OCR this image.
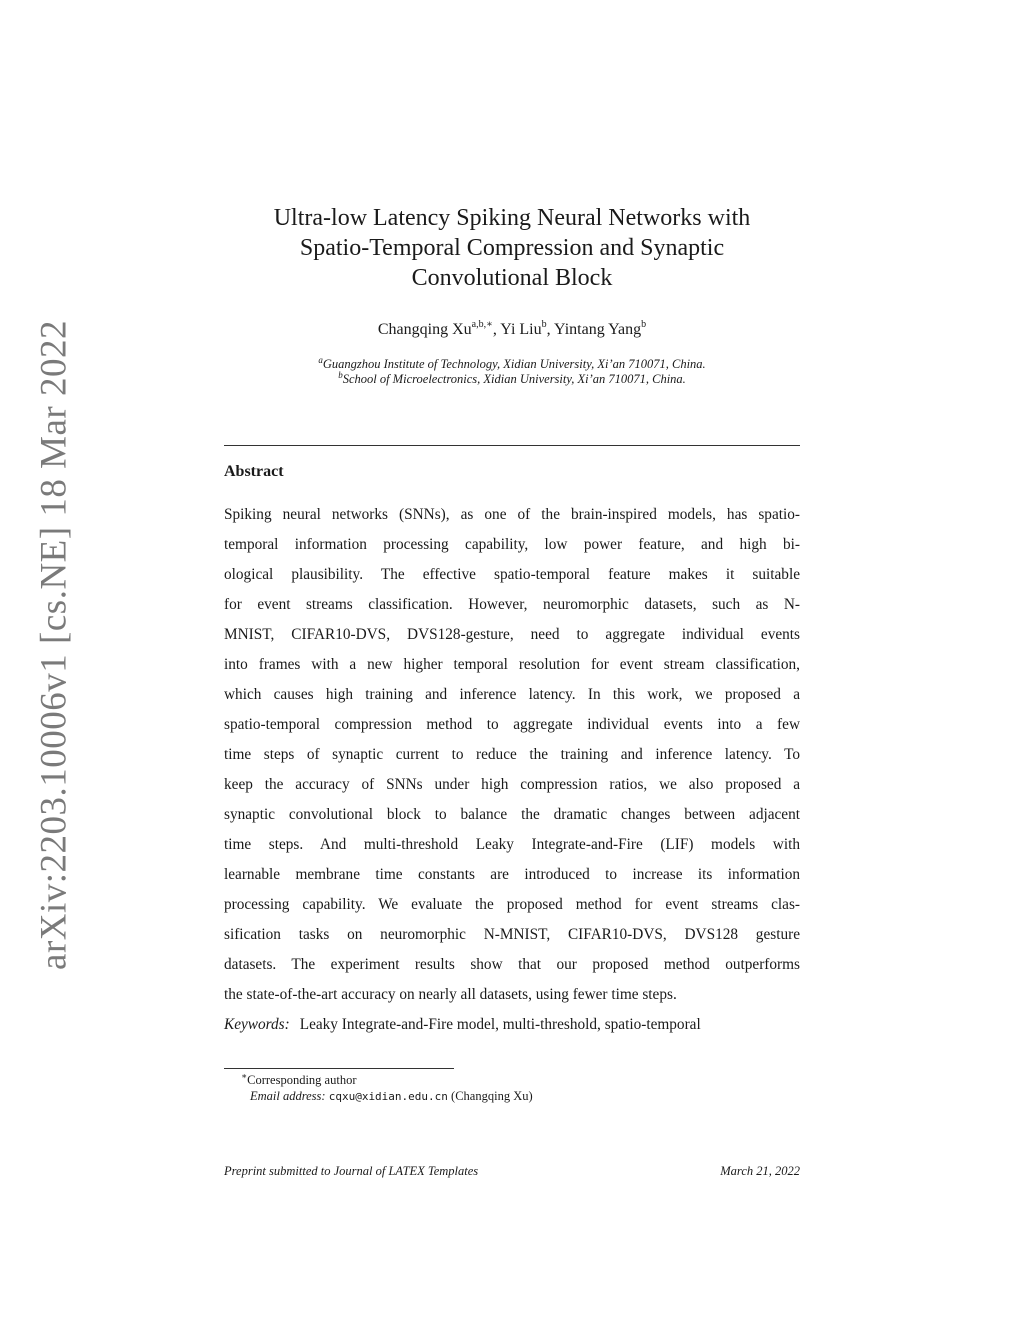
arXiv:2203.10006v1 [cs.NE] 18 Mar 2022
Ultra-low Latency Spiking Neural Networks with
Spatio-Temporal Compression and Synaptic
Convolutional Block
Changqing $Xu^{a,b,∗}$, Yi Liu$^b$, Yintang Yang$^b$
$^a$Guangzhou Institute of Technology, Xidian University, Xi’an 710071, China.
$^b$School of Microelectronics, Xidian University, Xi’an 710071, China.
Abstract
Spiking neural networks (SNNs), as one of the brain-inspired models, has spatio-
temporal information processing capability, low power feature, and high bi-
ological plausibility. The effective spatio-temporal feature makes it suitable
for event streams classification. However, neuromorphic datasets, such as N-
MNIST, CIFAR10-DVS, DVS128-gesture, need to aggregate individual events
into frames with a new higher temporal resolution for event stream classification,
which causes high training and inference latency. In this work, we proposed a
spatio-temporal compression method to aggregate individual events into a few
time steps of synaptic current to reduce the training and inference latency. To
keep the accuracy of SNNs under high compression ratios, we also proposed a
synaptic convolutional block to balance the dramatic changes between adjacent
time steps. And multi-threshold Leaky Integrate-and-Fire (LIF) models with
learnable membrane time constants are introduced to increase its information
processing capability. We evaluate the proposed method for event streams clas-
sification tasks on neuromorphic N-MNIST, CIFAR10-DVS, DVS128 gesture
datasets. The experiment results show that our proposed method outperforms
the state-of-the-art accuracy on nearly all datasets, using fewer time steps.
Keywords: Leaky Integrate-and-Fire model, multi-threshold, spatio-temporal
∗Corresponding author
Email address: cqxu@xidian.edu.cn (Changqing Xu)
Preprint submitted to Journal of LATEX Templates	March 21, 2022
